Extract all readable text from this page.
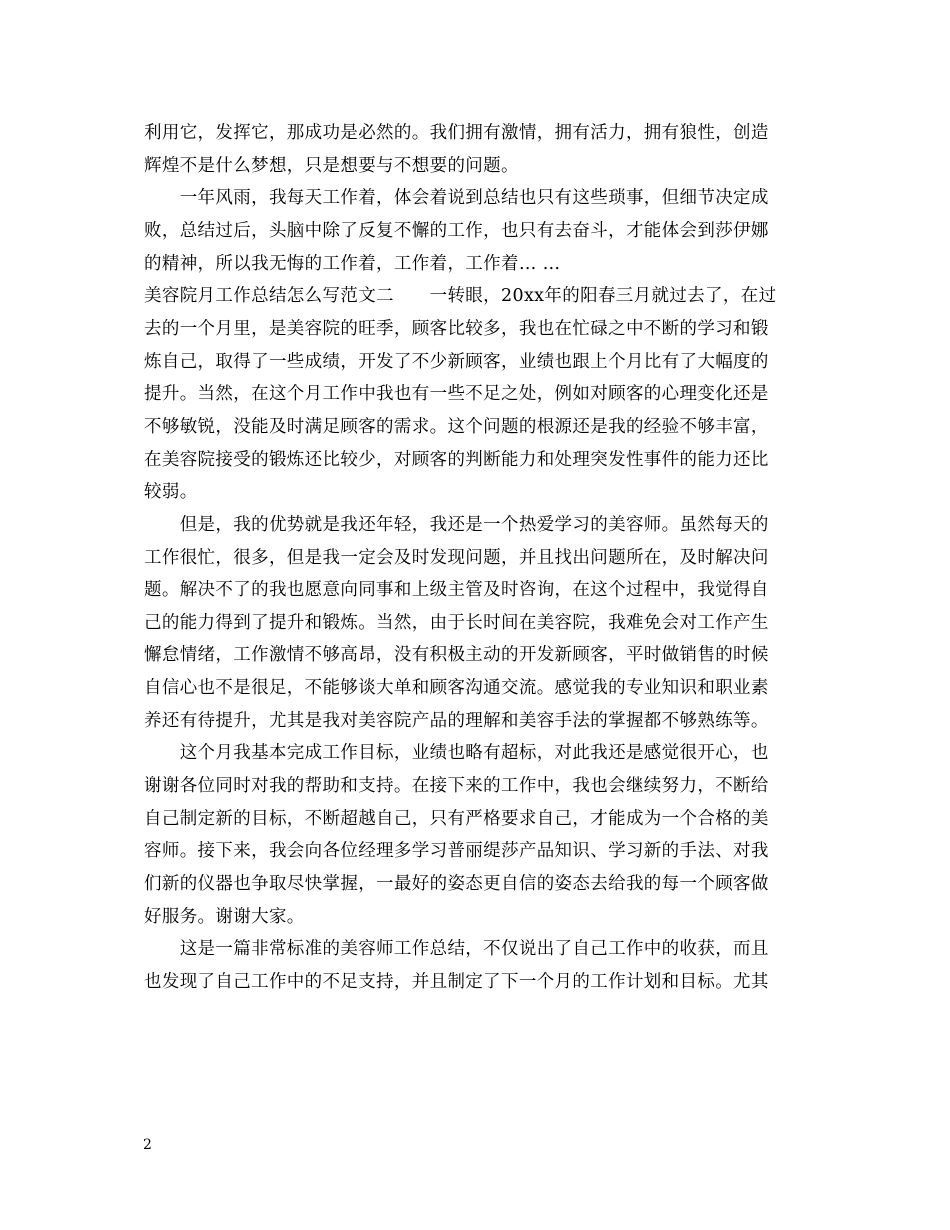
利用它，发挥它，那成功是必然的。我们拥有激情，拥有活力，拥有狼性，创造
辉煌不是什么梦想，只是想要与不想要的问题。
　　一年风雨，我每天工作着，体会着说到总结也只有这些琐事，但细节决定成
败，总结过后，头脑中除了反复不懈的工作，也只有去奋斗，才能体会到莎伊娜
的精神，所以我无悔的工作着，工作着，工作着… …
美容院月工作总结怎么写范文二　　一转眼，20xx年的阳春三月就过去了，在过
去的一个月里，是美容院的旺季，顾客比较多，我也在忙碌之中不断的学习和锻
炼自己，取得了一些成绩，开发了不少新顾客，业绩也跟上个月比有了大幅度的
提升。当然，在这个月工作中我也有一些不足之处，例如对顾客的心理变化还是
不够敏锐，没能及时满足顾客的需求。这个问题的根源还是我的经验不够丰富，
在美容院接受的锻炼还比较少，对顾客的判断能力和处理突发性事件的能力还比
较弱。
　　但是，我的优势就是我还年轻，我还是一个热爱学习的美容师。虽然每天的
工作很忙，很多，但是我一定会及时发现问题，并且找出问题所在，及时解决问
题。解决不了的我也愿意向同事和上级主管及时咨询，在这个过程中，我觉得自
己的能力得到了提升和锻炼。当然，由于长时间在美容院，我难免会对工作产生
懈怠情绪，工作激情不够高昂，没有积极主动的开发新顾客，平时做销售的时候
自信心也不是很足，不能够谈大单和顾客沟通交流。感觉我的专业知识和职业素
养还有待提升，尤其是我对美容院产品的理解和美容手法的掌握都不够熟练等。
　　这个月我基本完成工作目标，业绩也略有超标，对此我还是感觉很开心，也
谢谢各位同时对我的帮助和支持。在接下来的工作中，我也会继续努力，不断给
自己制定新的目标，不断超越自己，只有严格要求自己，才能成为一个合格的美
容师。接下来，我会向各位经理多学习普丽缇莎产品知识、学习新的手法、对我
们新的仪器也争取尽快掌握，一最好的姿态更自信的姿态去给我的每一个顾客做
好服务。谢谢大家。
　　这是一篇非常标准的美容师工作总结，不仅说出了自己工作中的收获，而且
也发现了自己工作中的不足支持，并且制定了下一个月的工作计划和目标。尤其
2
